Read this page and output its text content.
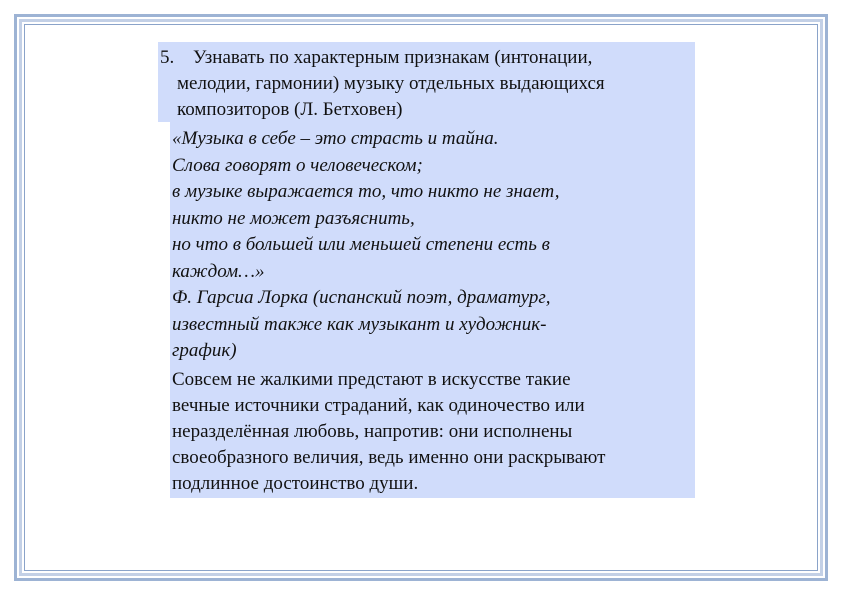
5. Узнавать по характерным признакам (интонации,
мелодии, гармонии) музыку отдельных выдающихся
композиторов (Л. Бетховен)
«Музыка в себе – это страсть и тайна.
Слова говорят о человеческом;
в музыке выражается то, что никто не знает,
никто не может разъяснить,
но что в большей или меньшей степени есть в
каждом…»
Ф. Гарсиа Лорка (испанский поэт, драматург,
известный также как музыкант и художник-
график)
Совсем не жалкими предстают в искусстве такие
вечные источники страданий, как одиночество или
неразделённая любовь, напротив: они исполнены
своеобразного величия, ведь именно они раскрывают
подлинное достоинство души.
